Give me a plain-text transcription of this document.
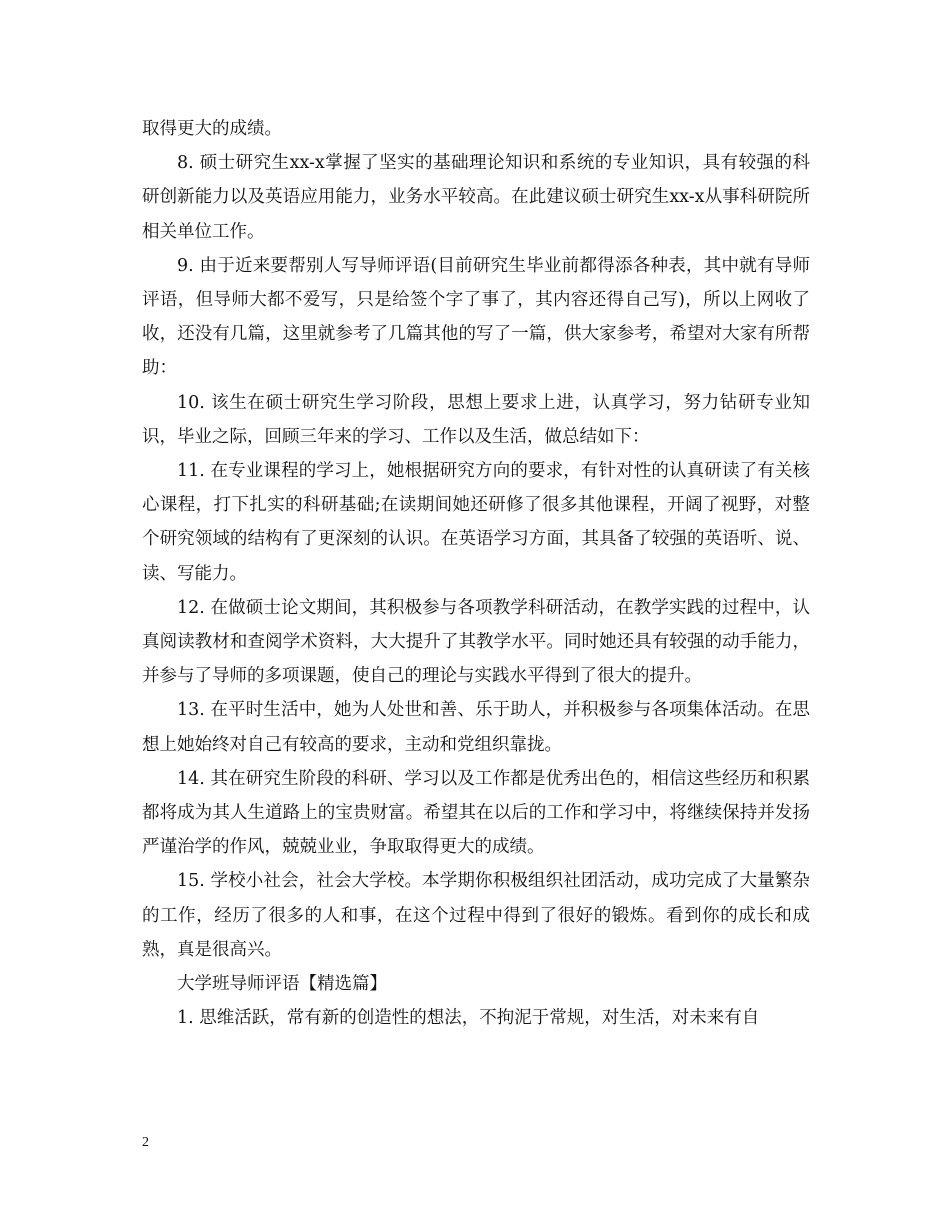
取得更大的成绩。

8. 硕士研究生xx-x掌握了坚实的基础理论知识和系统的专业知识，具有较强的科研创新能力以及英语应用能力，业务水平较高。在此建议硕士研究生xx-x从事科研院所相关单位工作。

9. 由于近来要帮别人写导师评语(目前研究生毕业前都得添各种表，其中就有导师评语，但导师大都不爱写，只是给签个字了事了，其内容还得自己写)，所以上网收了收，还没有几篇，这里就参考了几篇其他的写了一篇，供大家参考，希望对大家有所帮助：

10. 该生在硕士研究生学习阶段，思想上要求上进，认真学习，努力钻研专业知识，毕业之际，回顾三年来的学习、工作以及生活，做总结如下：

11. 在专业课程的学习上，她根据研究方向的要求，有针对性的认真研读了有关核心课程，打下扎实的科研基础;在读期间她还研修了很多其他课程，开阔了视野，对整个研究领域的结构有了更深刻的认识。在英语学习方面，其具备了较强的英语听、说、读、写能力。

12. 在做硕士论文期间，其积极参与各项教学科研活动，在教学实践的过程中，认真阅读教材和查阅学术资料，大大提升了其教学水平。同时她还具有较强的动手能力，并参与了导师的多项课题，使自己的理论与实践水平得到了很大的提升。

13. 在平时生活中，她为人处世和善、乐于助人，并积极参与各项集体活动。在思想上她始终对自己有较高的要求，主动和党组织靠拢。

14. 其在研究生阶段的科研、学习以及工作都是优秀出色的，相信这些经历和积累都将成为其人生道路上的宝贵财富。希望其在以后的工作和学习中，将继续保持并发扬严谨治学的作风，兢兢业业，争取取得更大的成绩。

15. 学校小社会，社会大学校。本学期你积极组织社团活动，成功完成了大量繁杂的工作，经历了很多的人和事，在这个过程中得到了很好的锻炼。看到你的成长和成熟，真是很高兴。

大学班导师评语【精选篇】

1. 思维活跃，常有新的创造性的想法，不拘泥于常规，对生活，对未来有自

2
